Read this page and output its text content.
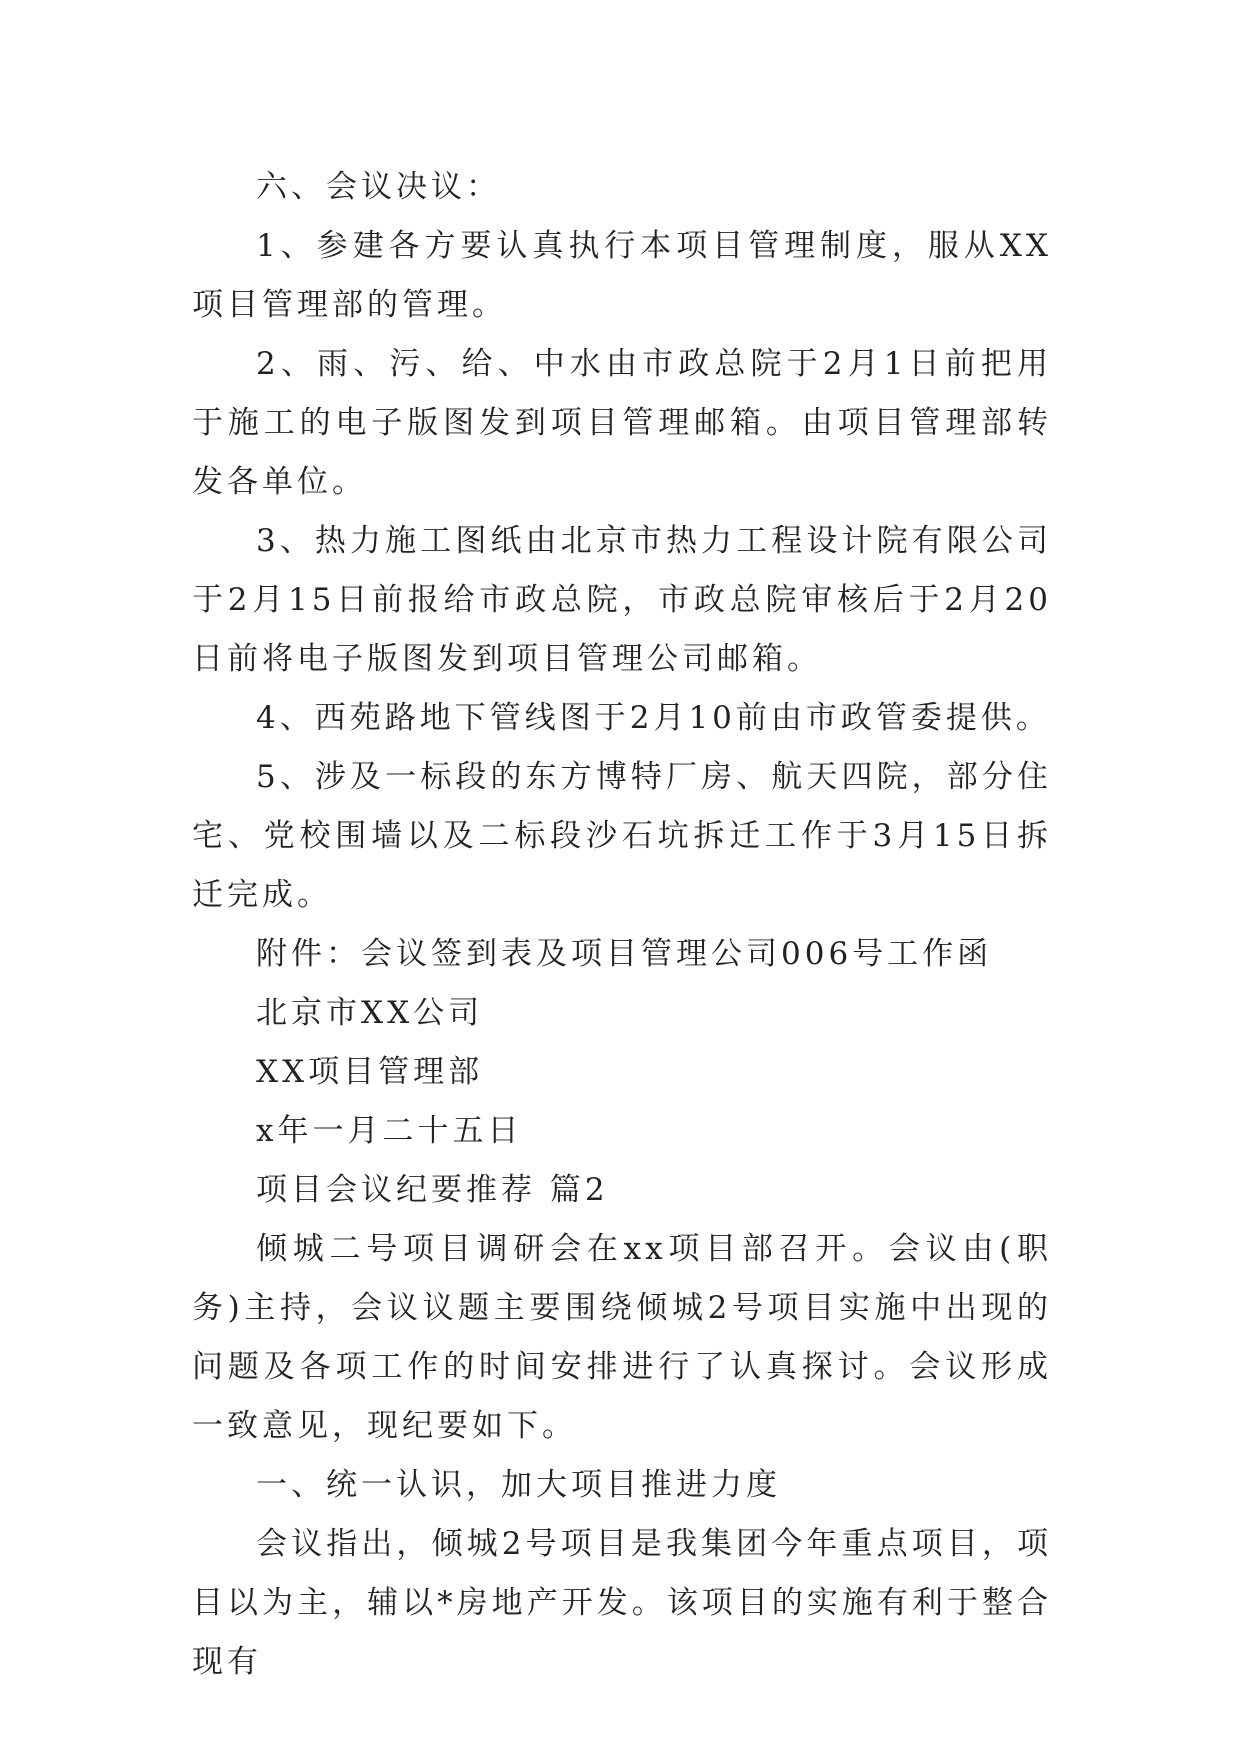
六、会议决议：

1、参建各方要认真执行本项目管理制度，服从XX项目管理部的管理。

2、雨、污、给、中水由市政总院于2月1日前把用于施工的电子版图发到项目管理邮箱。由项目管理部转发各单位。

3、热力施工图纸由北京市热力工程设计院有限公司于2月15日前报给市政总院，市政总院审核后于2月20日前将电子版图发到项目管理公司邮箱。

4、西苑路地下管线图于2月10前由市政管委提供。

5、涉及一标段的东方博特厂房、航天四院，部分住宅、党校围墙以及二标段沙石坑拆迁工作于3月15日拆迁完成。

附件：会议签到表及项目管理公司006号工作函

北京市XX公司

XX项目管理部

x年一月二十五日

项目会议纪要推荐 篇2

倾城二号项目调研会在xx项目部召开。会议由(职务)主持，会议议题主要围绕倾城2号项目实施中出现的问题及各项工作的时间安排进行了认真探讨。会议形成一致意见，现纪要如下。

一、统一认识，加大项目推进力度

会议指出，倾城2号项目是我集团今年重点项目，项目以为主，辅以*房地产开发。该项目的实施有利于整合现有
